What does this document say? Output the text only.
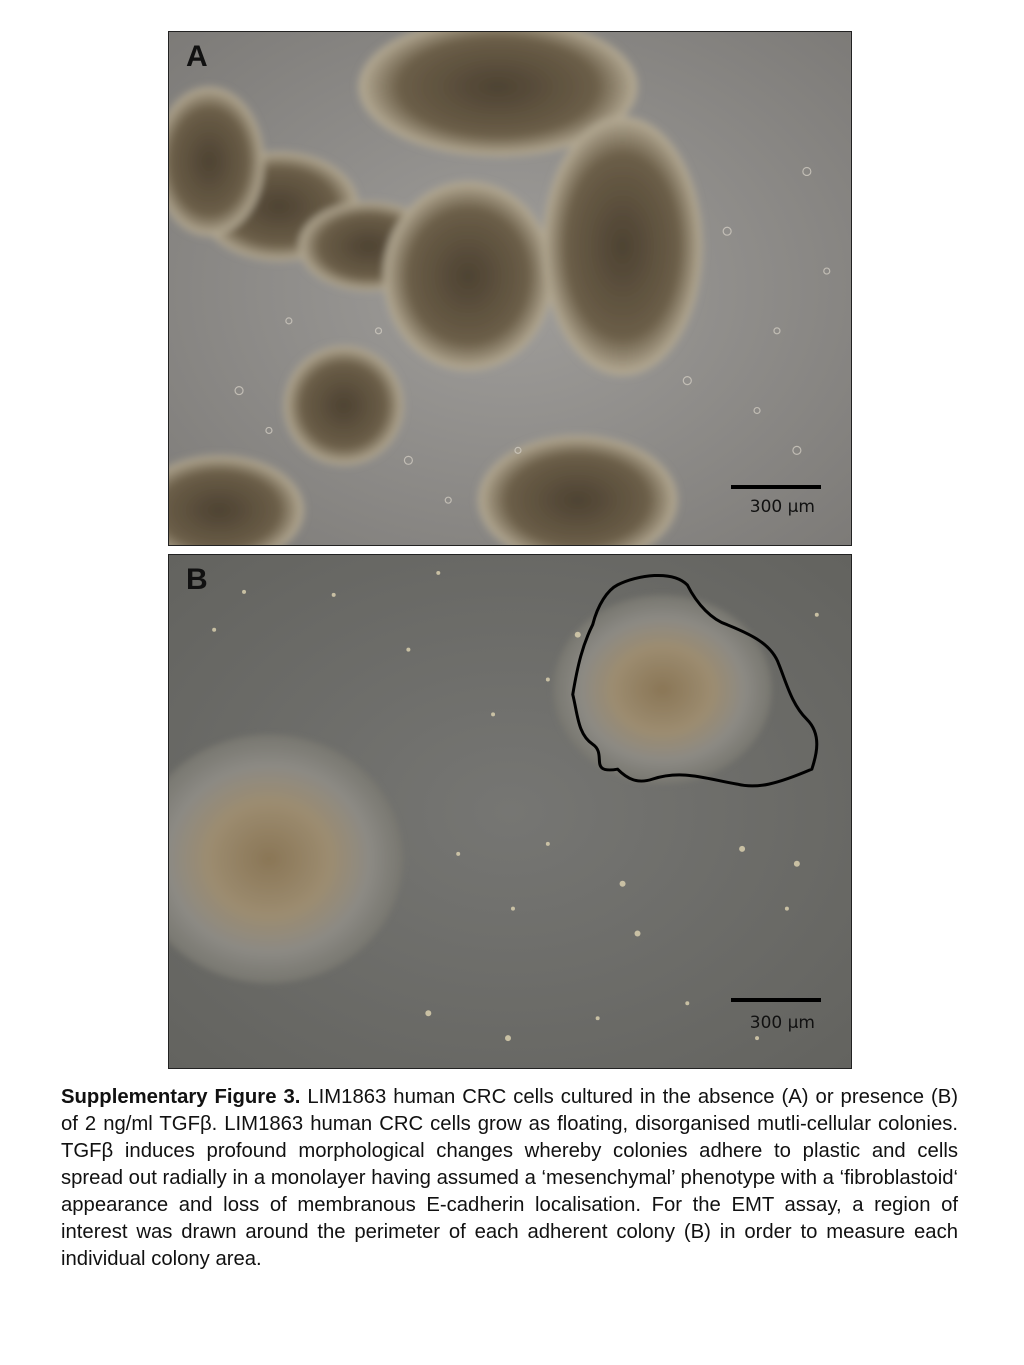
A
300 µm
B
300 µm

Supplementary Figure 3. LIM1863 human CRC cells cultured in the absence (A) or presence (B) of 2 ng/ml TGFβ. LIM1863 human CRC cells grow as floating, disorganised mutli-cellular colonies. TGFβ induces profound morphological changes whereby colonies adhere to plastic and cells spread out radially in a monolayer having assumed a ‘mesenchymal’ phenotype with a ‘fibroblastoid‘ appearance and loss of membranous E-cadherin localisation. For the EMT assay, a region of interest was drawn around the perimeter of each adherent colony (B) in order to measure each individual colony area.
